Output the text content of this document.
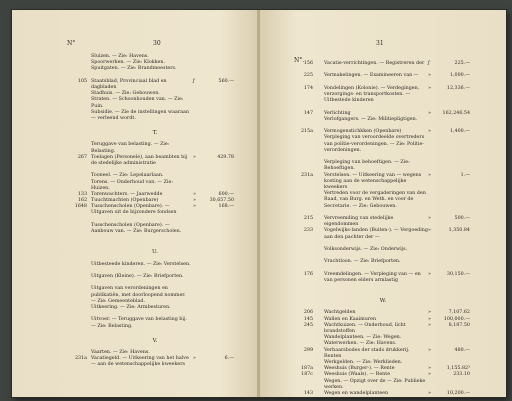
N°	30
Sluizen. — Zie: Havens.
Spoorwerken. — Zie: Klokken.
Spuitgaten. — Zie: Brandmeesters.
105 Staatsblad, Provinciaal blad en dagbladen
ƒ	560.—
Stadhuis. — Zie: Gebouwen.
Straten. — Schoonhouden van. — Zie: Puin.
Subsidie. — Zie de instellingen waaraan — verleend wordt.
T.
Teruggave van belasting. — Zie: Belasting.
267 Toelagen (Personele), aan beambten bij de stedelijke administratie
»	429.78
Tooneel. — Zie: Lepelaarlaan.
Torens. — Onderhoud van. — Zie: Huizen.
133 Torenwachters. — Jaarwedde	»	600.—
162 Tuuchtmachten (Openbare)	»	30,657.50
1648 Tusschenscholen (Openbare). — Uitgaven uit de bijzondere fondsen
»	168.—
Tusschenscholen (Openbare). — Aanbouw van. — Zie: Burgerscholen.
U.
Uitbesteede kinderen. — Zie: Verstelsen.
Uitgaven (Kleine). — Zie: Briefporten.
Uitgaven van verordeningen en publikatiën, met doorloopend nommer. — Zie: Gemeenteblad.
Uitkeering. — Zie: Armbesturen.
Uitvoer. — Teruggave van belasting bij. — Zie: Belasting.
V.
Vaarten. — Zie: Havens.
231a Vacatiegeld. — Uitkeering van het halve — aan de wetenschappelijke kweekers
»	6.—
N°.
31
156 Vacatie-verrichtingen. — Registreren der ƒ	225.—
225 Vermakelingen. — Examineeren van —	»	1,000.—
174 Vondelingen (Kolonie). — Verdegingen, verzorgings- en transportkosten. — Uitbestede kinderen
»	12,336.—
147 Verlichting	»	162,246.54
Verlofgangers. — Zie: Militiepligtigen.
215a Vermogenstichkken (Openbare)	»	1,400.—
Verpleging van veroordeelde overtreders van politie-verordeningen. — Zie: Politie-verordeningen.
Verpleging van behoeftigen. — Zie: Behoeftigen.
231a Verstelsen. — Uitkeering van — wegens kosting aan de wetenschappelijke kweekers
»	1.—
Vertreden voor de vergaderingen van den Raad, van Burg. en Weth. en voor de Secretarie. — Zie: Gebouwen.
215 Vervreemding van stedelijke eigendommen
»	500.—
233 Vogelwijks-landen (Buiten-). — Vergoeding aan den pachter der —
»	1,350.84
Volksonderwijs. — Zie: Onderwijs.
Vrachtloon. — Zie: Briefporten.
176 Vreemdelingen. — Verpleging van — en van personen elders armlastig
»	30,150.—
W.
206 Wachtgelden	»	7,107.62
145 Wallen en Kaaimuren	»	100,000.—
245 Wachtkuizen. — Onderhoud, licht brandstoffen
»	8,187.50
Wandelplanteen. — Zie: Wegen.
Waterwerken. — Zie: Havens.
299 Verbaarsbodes der stads drukkerij. Renten
»	480.—
Werkgelden. — Zie: Werklieden.
187a Weeshuis (Burger-). — Rente	»	1,155.82³
187c Weeshuis (Waals). — Rente	»	233.10
Wegen. — Opzigt over de — Zie: Publieke werken.
143 Wegen en wandelplanteen	»	10,200.—
